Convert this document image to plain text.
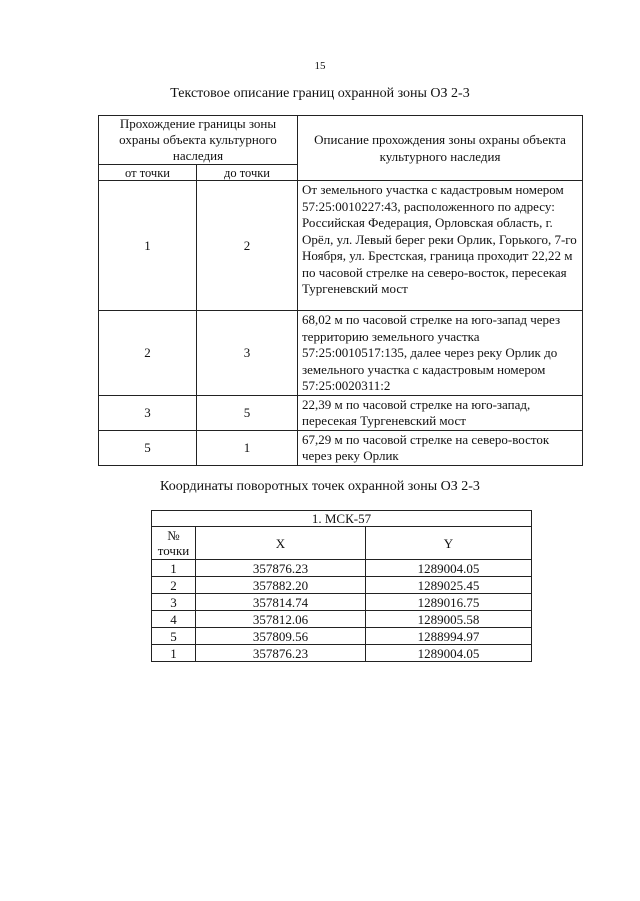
15
Текстовое описание границ охранной зоны ОЗ 2-3
Прохождение границы зоны охраны объекта культурного наследия		Описание прохождения зоны охраны объекта культурного наследия
от точки	до точки	
1	2	От земельного участка с кадастровым номером 57:25:0010227:43, расположенного по адресу: Российская Федерация, Орловская область, г. Орёл, ул. Левый берег реки Орлик, Горького, 7-го Ноября, ул. Брестская, граница проходит 22,22 м по часовой стрелке на северо-восток, пересекая Тургеневский мост
2	3	68,02 м по часовой стрелке на юго-запад через территорию земельного участка 57:25:0010517:135, далее через реку Орлик до земельного участка с кадастровым номером 57:25:0020311:2
3	5	22,39 м по часовой стрелке на юго-запад, пересекая Тургеневский мост
5	1	67,29 м по часовой стрелке на северо-восток через реку Орлик
Координаты поворотных точек охранной зоны ОЗ 2-3
1. МСК-57		
№ точки	X	Y
1	357876.23	1289004.05
2	357882.20	1289025.45
3	357814.74	1289016.75
4	357812.06	1289005.58
5	357809.56	1288994.97
1	357876.23	1289004.05
